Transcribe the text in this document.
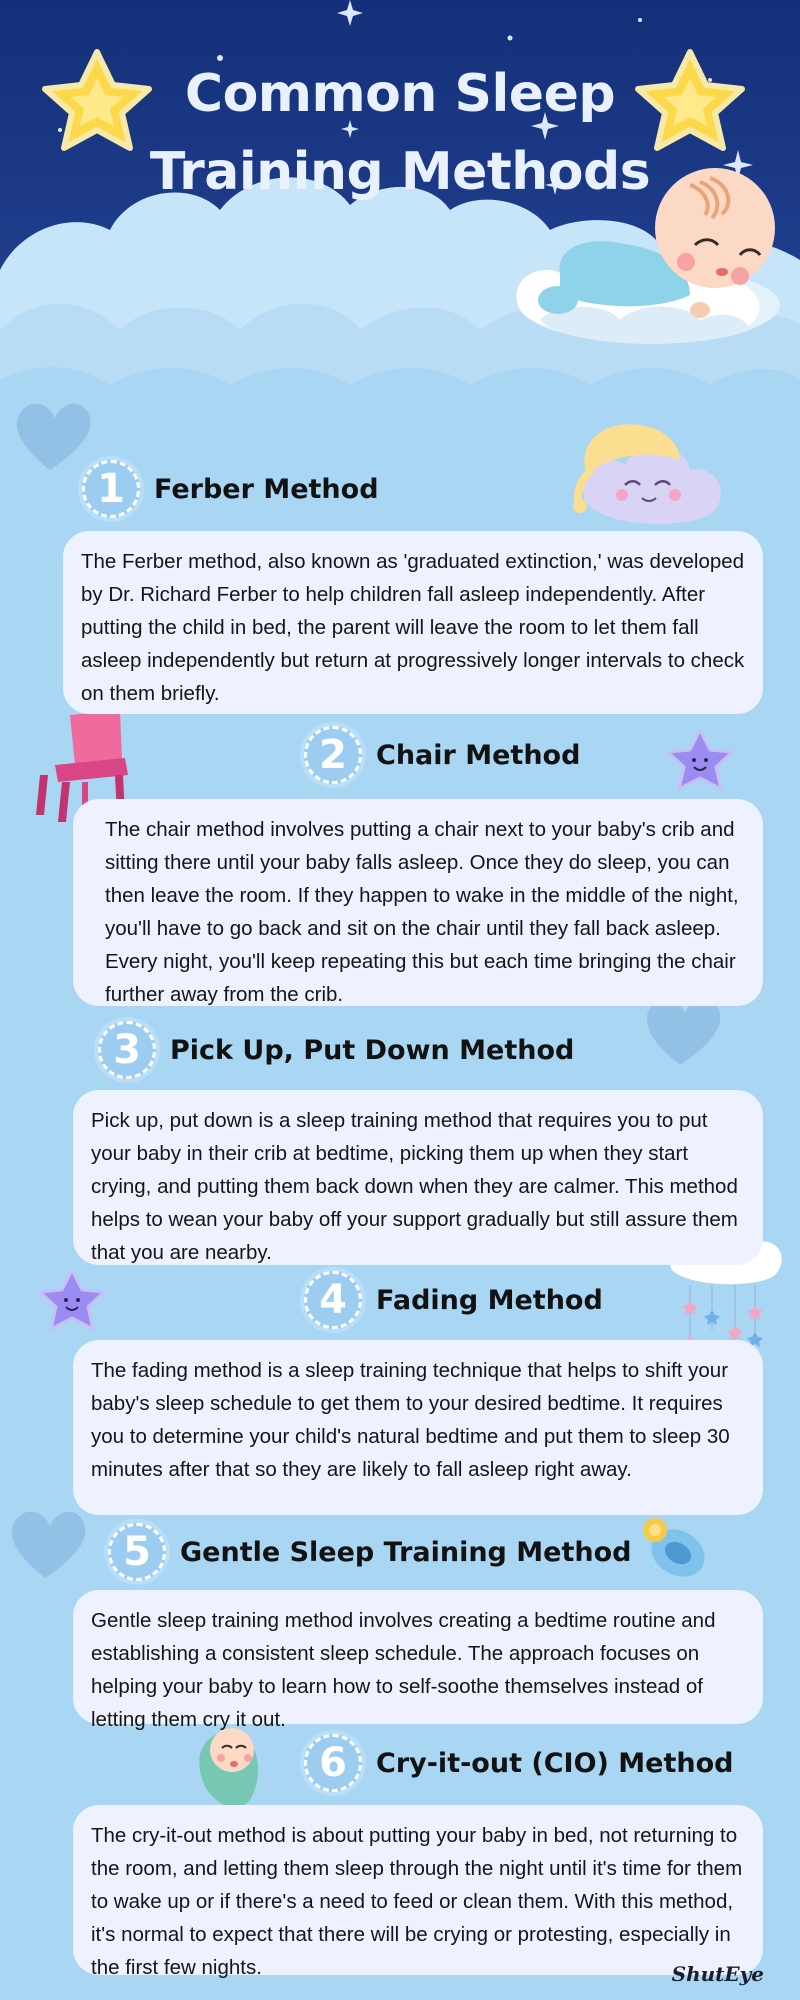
Common Sleep
Training Methods
1	Ferber Method
The Ferber method, also known as 'graduated extinction,' was developed by Dr. Richard Ferber to help children fall asleep independently. After putting the child in bed, the parent will leave the room to let them fall asleep independently but return at progressively longer intervals to check on them briefly.
2	Chair Method
The chair method involves putting a chair next to your baby's crib and sitting there until your baby falls asleep. Once they do sleep, you can then leave the room. If they happen to wake in the middle of the night, you'll have to go back and sit on the chair until they fall back asleep. Every night, you'll keep repeating this but each time bringing the chair further away from the crib.
3	Pick Up, Put Down Method
Pick up, put down is a sleep training method that requires you to put your baby in their crib at bedtime, picking them up when they start crying, and putting them back down when they are calmer. This method helps to wean your baby off your support gradually but still assure them that you are nearby.
4	Fading Method
The fading method is a sleep training technique that helps to shift your baby's sleep schedule to get them to your desired bedtime. It requires you to determine your child's natural bedtime and put them to sleep 30 minutes after that so they are likely to fall asleep right away.
5	Gentle Sleep Training Method
Gentle sleep training method involves creating a bedtime routine and establishing a consistent sleep schedule. The approach focuses on helping your baby to learn how to self-soothe themselves instead of letting them cry it out.
6	Cry-it-out (CIO) Method
The cry-it-out method is about putting your baby in bed, not returning to the room, and letting them sleep through the night until it's time for them to wake up or if there's a need to feed or clean them. With this method, it's normal to expect that there will be crying or protesting, especially in the first few nights.	ShutEye
